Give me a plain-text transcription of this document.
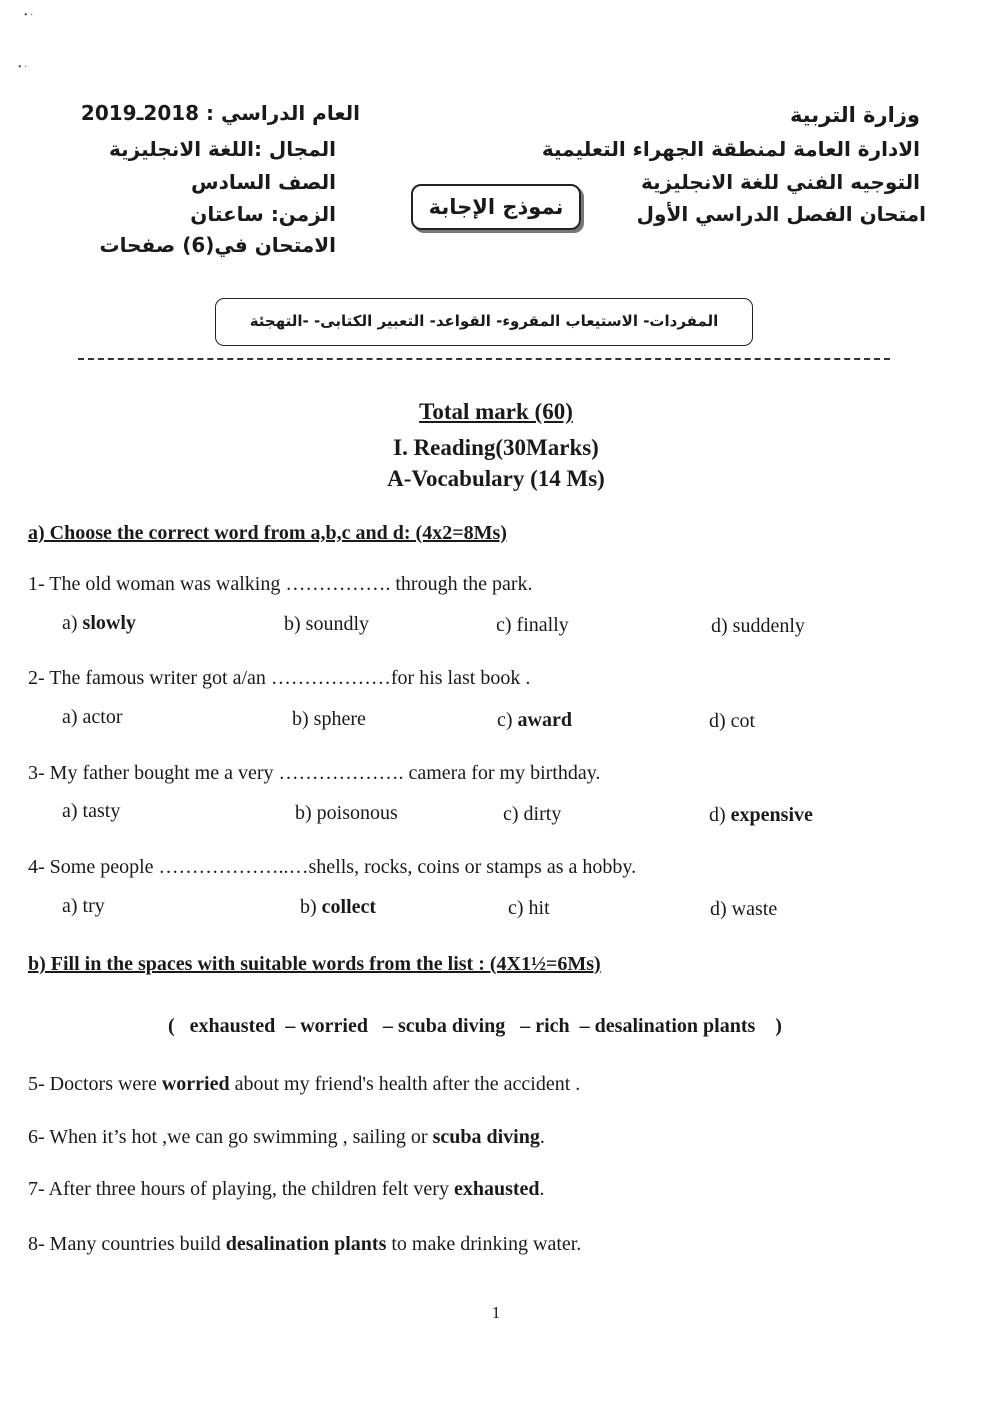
• ·
• ·
وزارة التربية
الادارة العامة لمنطقة الجهراء التعليمية
التوجيه الفني للغة الانجليزية
امتحان الفصل الدراسي الأول
العام الدراسي : 2018ـ2019
المجال :اللغة الانجليزية
الصف السادس
الزمن: ساعتان
الامتحان في(6) صفحات
نموذج الإجابة
المفردات- الاستيعاب المقروء- القواعد- التعبير الكتابى- -التهجئة
Total mark (60)
I. Reading(30Marks)
A-Vocabulary (14 Ms)
a) Choose the correct word from a,b,c and d: (4x2=8Ms)
1- The old woman was walking ……………. through the park.
a) slowly	b) soundly	c) finally	d) suddenly
2- The famous writer got a/an ………………for his last book .
a) actor	b) sphere	c) award	d) cot
3- My father bought me a very ………………. camera for my birthday.
a) tasty	b) poisonous	c) dirty	d) expensive
4- Some people ………………..…shells, rocks, coins or stamps as a hobby.
a) try	b) collect	c) hit	d) waste
b) Fill in the spaces with suitable words from the list : (4X1½=6Ms)
(   exhausted  – worried   – scuba diving   – rich  – desalination plants    )
5- Doctors were worried about my friend's health after the accident .
6- When it’s hot ,we can go swimming , sailing or scuba diving.
7- After three hours of playing, the children felt very exhausted.
8- Many countries build desalination plants to make drinking water.
1
